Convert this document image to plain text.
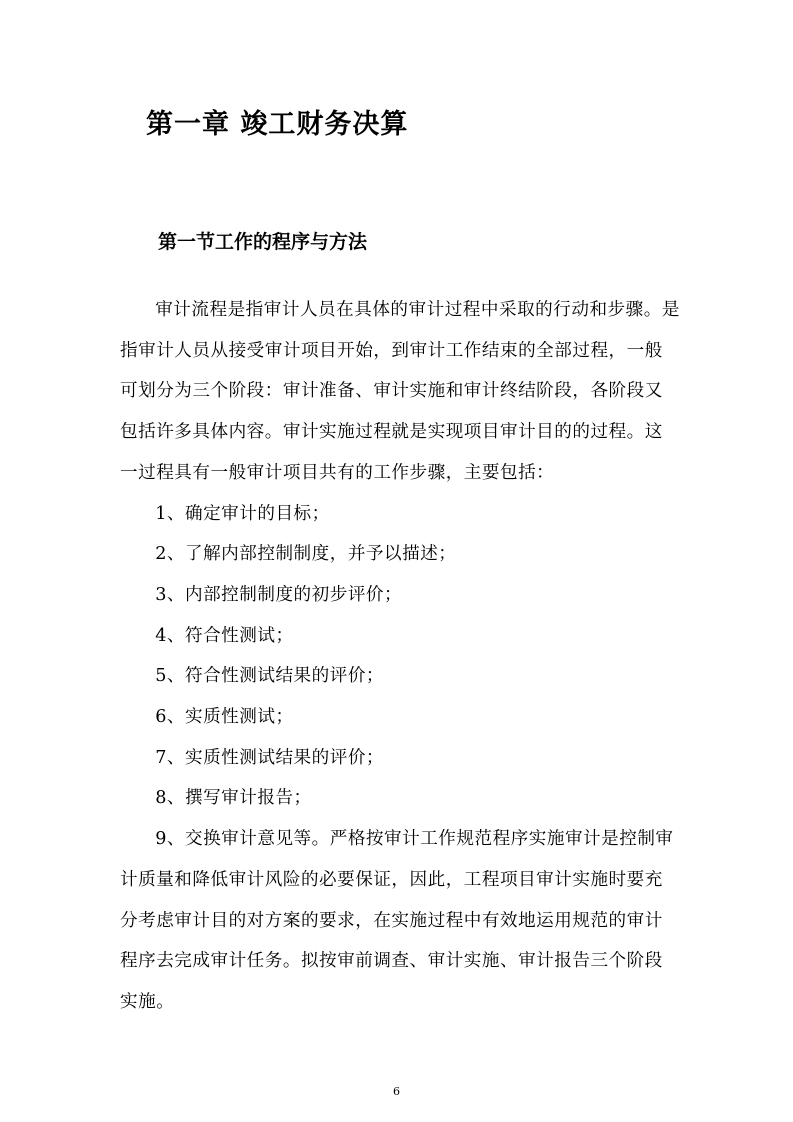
第一章 竣工财务决算
第一节工作的程序与方法

审计流程是指审计人员在具体的审计过程中采取的行动和步骤。是指审计人员从接受审计项目开始，到审计工作结束的全部过程，一般可划分为三个阶段：审计准备、审计实施和审计终结阶段，各阶段又包括许多具体内容。审计实施过程就是实现项目审计目的的过程。这一过程具有一般审计项目共有的工作步骤，主要包括：

1、确定审计的目标；
2、了解内部控制制度，并予以描述；
3、内部控制制度的初步评价；
4、符合性测试；
5、符合性测试结果的评价；
6、实质性测试；
7、实质性测试结果的评价；
8、撰写审计报告；

9、交换审计意见等。严格按审计工作规范程序实施审计是控制审计质量和降低审计风险的必要保证，因此，工程项目审计实施时要充分考虑审计目的对方案的要求，在实施过程中有效地运用规范的审计程序去完成审计任务。拟按审前调查、审计实施、审计报告三个阶段实施。

6
